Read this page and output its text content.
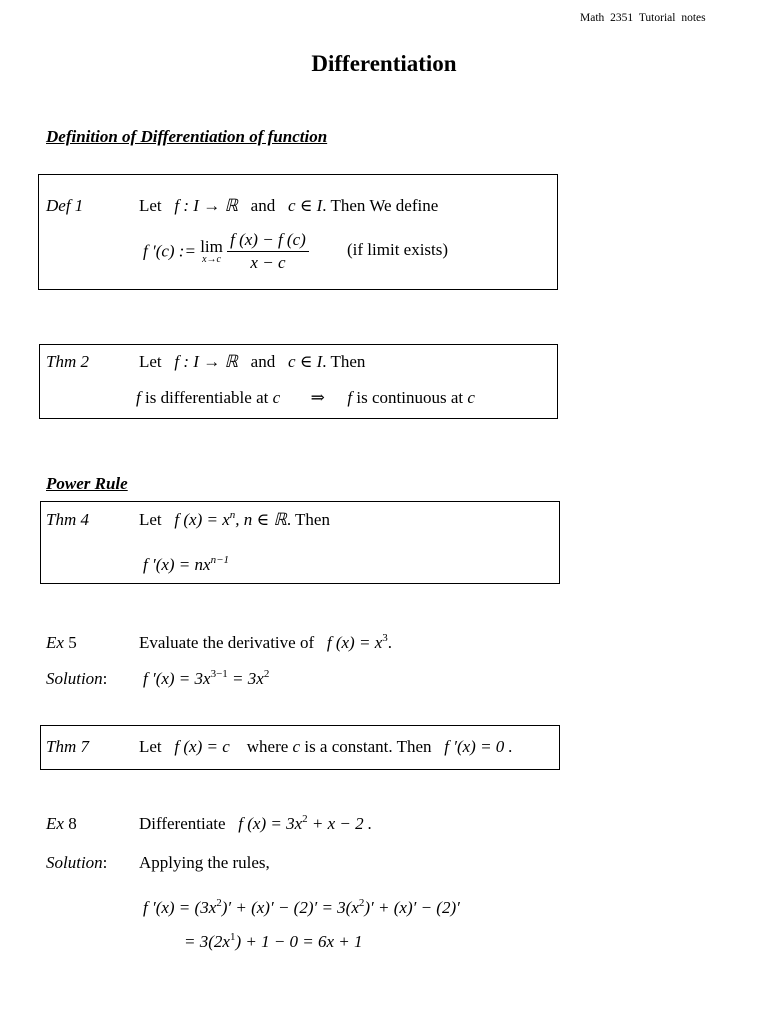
Math 2351 Tutorial notes
Differentiation
Definition of Differentiation of function
Def 1	Let f : I → ℝ and c ∈ I. Then We define
f ′(c) := lim
x→c
$\frac{f (x) - f (c)}{x - c} (if$ limit exists)
Thm 2	Let f : I → ℝ and c ∈ I. Then
f is differentiable at c ⇒ f is continuous at c
Power Rule
Thm 4	Let f $(x) = x^n$, n ∈ ℝ. Then
f $'(x) = nx^{n-1}$
Ex 5	Evaluate the derivative of f $(x) = x^3$.
Solution: f $'(x) = 3x^{3-1} = 3x^2$
Thm 7	Let f (x) = c where c is a constant. Then f ′(x) = 0 .
Ex 8	Differentiate f $(x) = 3x^2 + x - 2$ .
Solution: Applying the rules,
f $'(x) = (3x^2)' + (x)' - (2)' = 3(x^2)' + (x)' - (2)'$
= $3(2x^1) + 1 - 0 = 6x + 1$
